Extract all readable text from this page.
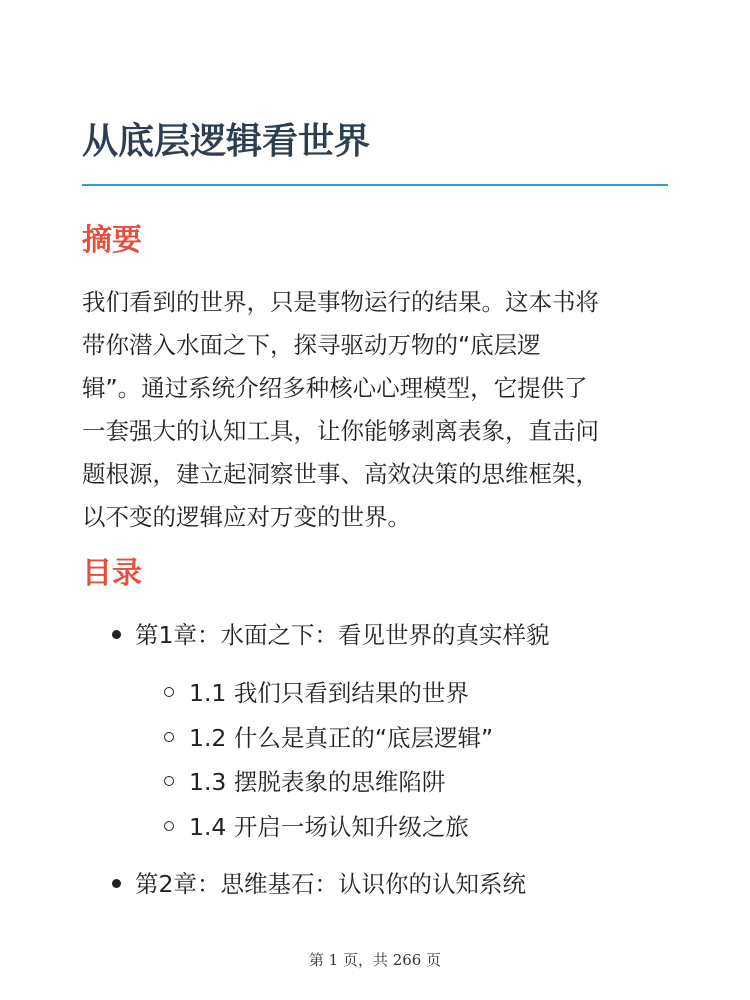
从底层逻辑看世界
摘要
我们看到的世界，只是事物运行的结果。这本书将
带你潜入水面之下，探寻驱动万物的“底层逻
辑”。通过系统介绍多种核心心理模型，它提供了
一套强大的认知工具，让你能够剥离表象，直击问
题根源，建立起洞察世事、高效决策的思维框架，
以不变的逻辑应对万变的世界。
目录
第1章：水面之下：看见世界的真实样貌
1.1 我们只看到结果的世界
1.2 什么是真正的“底层逻辑”
1.3 摆脱表象的思维陷阱
1.4 开启一场认知升级之旅
第2章：思维基石：认识你的认知系统
第 1 页，共 266 页
